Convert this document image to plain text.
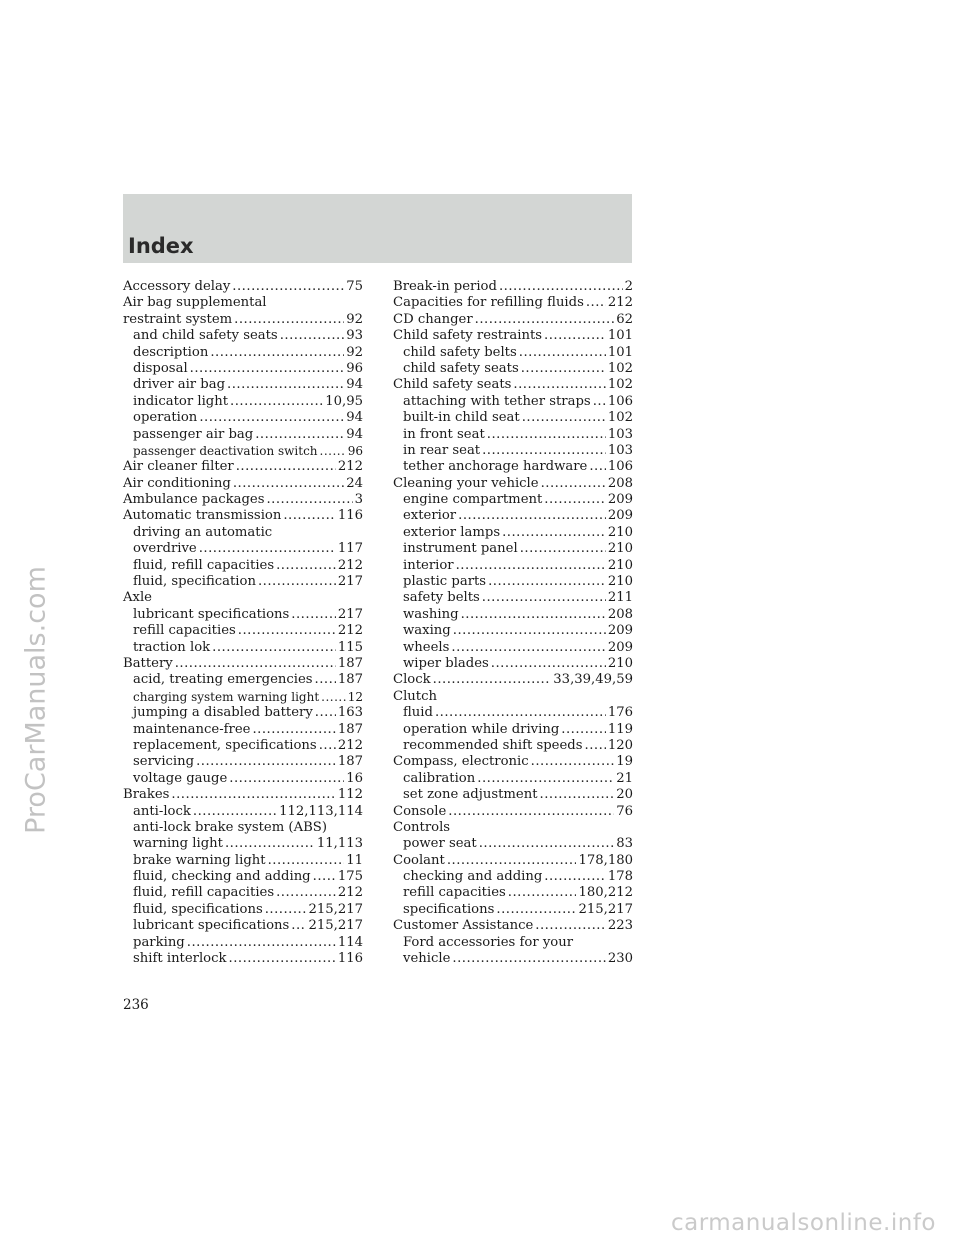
Index
Accessory delay .....	75
Air bag supplemental
restraint system .....	92
and child safety seats .....	93
description .....	92
disposal .....	96
driver air bag .....	94
indicator light .....	10,95
operation .....	94
passenger air bag .....	94
passenger deactivation switch .....	96
Air cleaner filter .....	212
Air conditioning .....	24
Ambulance packages .....	3
Automatic transmission .....	116
driving an automatic
overdrive .....	117
fluid, refill capacities .....	212
fluid, specification .....	217
Axle
lubricant specifications .....	217
refill capacities .....	212
traction lok .....	115
Battery .....	187
acid, treating emergencies ..... 187
charging system warning light ..... 12
jumping a disabled battery ..... 163
maintenance-free .....	187
replacement, specifications ..... 212
servicing .....	187
voltage gauge .....	16
Brakes .....	112
anti-lock .....	112,113,114
anti-lock brake system (ABS)
warning light .....	11,113
brake warning light .....	11
fluid, checking and adding ..... 175
fluid, refill capacities .....	212
fluid, specifications .....	215,217
lubricant specifications ..... 215,217
parking .....	114
shift interlock .....	116
Break-in period .....	2
Capacities for refilling fluids ..... 212
CD changer .....	62
Child safety restraints .....	101
child safety belts .....	101
child safety seats .....	102
Child safety seats .....	102
attaching with tether straps ..... 106
built-in child seat .....	102
in front seat .....	103
in rear seat .....	103
tether anchorage hardware ..... 106
Cleaning your vehicle .....	208
engine compartment .....	209
exterior .....	209
exterior lamps .....	210
instrument panel .....	210
interior .....	210
plastic parts .....	210
safety belts .....	211
washing .....	208
waxing .....	209
wheels .....	209
wiper blades .....	210
Clock .....	33,39,49,59
Clutch
fluid .....	176
operation while driving .....	119
recommended shift speeds ..... 120
Compass, electronic .....	19
calibration .....	21
set zone adjustment .....	20
Console .....	76
Controls
power seat .....	83
Coolant .....	178,180
checking and adding .....	178
refill capacities .....	180,212
specifications .....	215,217
Customer Assistance .....	223
Ford accessories for your
vehicle .....	230
236
ProCarManuals.com
carmanualsonline.info
